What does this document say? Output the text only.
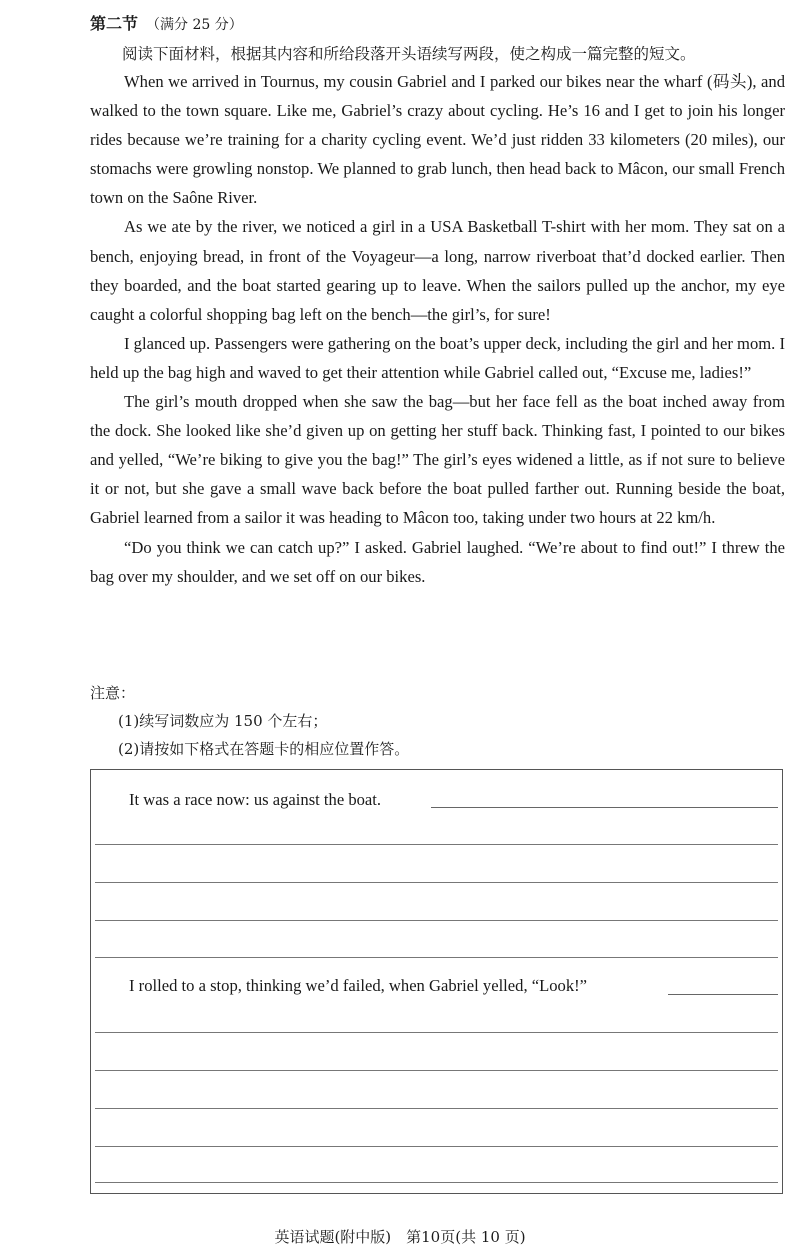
第二节 （满分 25 分）
阅读下面材料，根据其内容和所给段落开头语续写两段，使之构成一篇完整的短文。

When we arrived in Tournus, my cousin Gabriel and I parked our bikes near the wharf (码头), and walked to the town square. Like me, Gabriel’s crazy about cycling. He’s 16 and I get to join his longer rides because we’re training for a charity cycling event. We’d just ridden 33 kilometers (20 miles), our stomachs were growling nonstop. We planned to grab lunch, then head back to Mâcon, our small French town on the Saône River.

As we ate by the river, we noticed a girl in a USA Basketball T-shirt with her mom. They sat on a bench, enjoying bread, in front of the Voyageur—a long, narrow riverboat that’d docked earlier. Then they boarded, and the boat started gearing up to leave. When the sailors pulled up the anchor, my eye caught a colorful shopping bag left on the bench—the girl’s, for sure!

I glanced up. Passengers were gathering on the boat’s upper deck, including the girl and her mom. I held up the bag high and waved to get their attention while Gabriel called out, “Excuse me, ladies!”

The girl’s mouth dropped when she saw the bag—but her face fell as the boat inched away from the dock. She looked like she’d given up on getting her stuff back. Thinking fast, I pointed to our bikes and yelled, “We’re biking to give you the bag!” The girl’s eyes widened a little, as if not sure to believe it or not, but she gave a small wave back before the boat pulled farther out. Running beside the boat, Gabriel learned from a sailor it was heading to Mâcon too, taking under two hours at 22 km/h.

“Do you think we can catch up?” I asked. Gabriel laughed. “We’re about to find out!” I threw the bag over my shoulder, and we set off on our bikes.

注意：
(1)续写词数应为 150 个左右；
(2)请按如下格式在答题卡的相应位置作答。
It was a race now: us against the boat.
I rolled to a stop, thinking we’d failed, when Gabriel yelled, “Look!”
英语试题(附中版)　第10页(共 10 页)
